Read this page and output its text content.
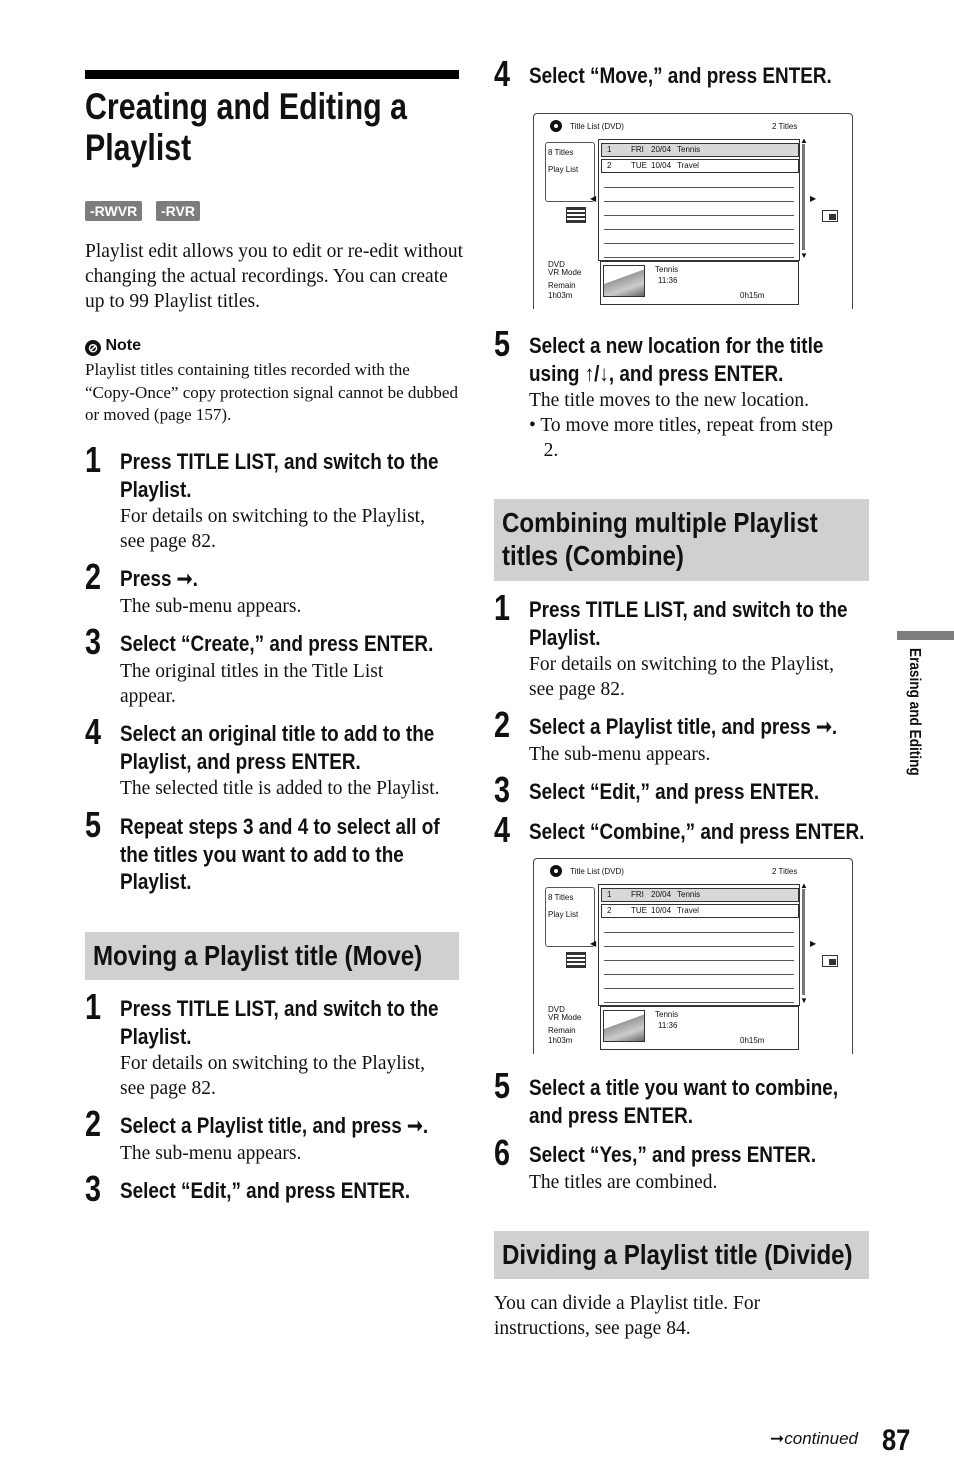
Creating and Editing a
Playlist
-RWVR	-RVR
Playlist edit allows you to edit or re-edit without changing the actual recordings. You can create up to 99 Playlist titles.
⊘ Note
Playlist titles containing titles recorded with the “Copy-Once” copy protection signal cannot be dubbed or moved (page 157).
1 Press TITLE LIST, and switch to the
Playlist.
For details on switching to the Playlist,
see page 82.
2 Press ➞.
The sub-menu appears.
3 Select “Create,” and press ENTER.
The original titles in the Title List
appear.
4 Select an original title to add to the
Playlist, and press ENTER.
The selected title is added to the Playlist.
5 Repeat steps 3 and 4 to select all of
the titles you want to add to the
Playlist.
Moving a Playlist title (Move)
1 Press TITLE LIST, and switch to the
Playlist.
For details on switching to the Playlist,
see page 82.
2 Select a Playlist title, and press ➞.
The sub-menu appears.
3 Select “Edit,” and press ENTER.
4 Select “Move,” and press ENTER.
5 Select a new location for the title
using ↑/↓, and press ENTER.
The title moves to the new location.
• To move more titles, repeat from step
2.
Title List (DVD)	2 Titles
8 Titles
Play List
◀
1 FRI 20/04 Tennis
2 TUE 10/04 Travel
▲
▼
▶
DVD
VR Mode
Remain
1h03m
Tennis
11:36
0h15m
Title List (DVD)	2 Titles
8 Titles
Play List
◀
1 FRI 20/04 Tennis
2 TUE 10/04 Travel
▲
▼
▶
DVD
VR Mode
Remain
1h03m
Tennis
11:36
0h15m
Combining multiple Playlist
titles (Combine)
1 Press TITLE LIST, and switch to the
Playlist.
For details on switching to the Playlist,
see page 82.
2 Select a Playlist title, and press ➞.
The sub-menu appears.
3 Select “Edit,” and press ENTER.
4 Select “Combine,” and press ENTER.
5 Select a title you want to combine,
and press ENTER.
6 Select “Yes,” and press ENTER.
The titles are combined.
Dividing a Playlist title (Divide)
You can divide a Playlist title. For
instructions, see page 84.
Erasing and Editing
➞continued 87
